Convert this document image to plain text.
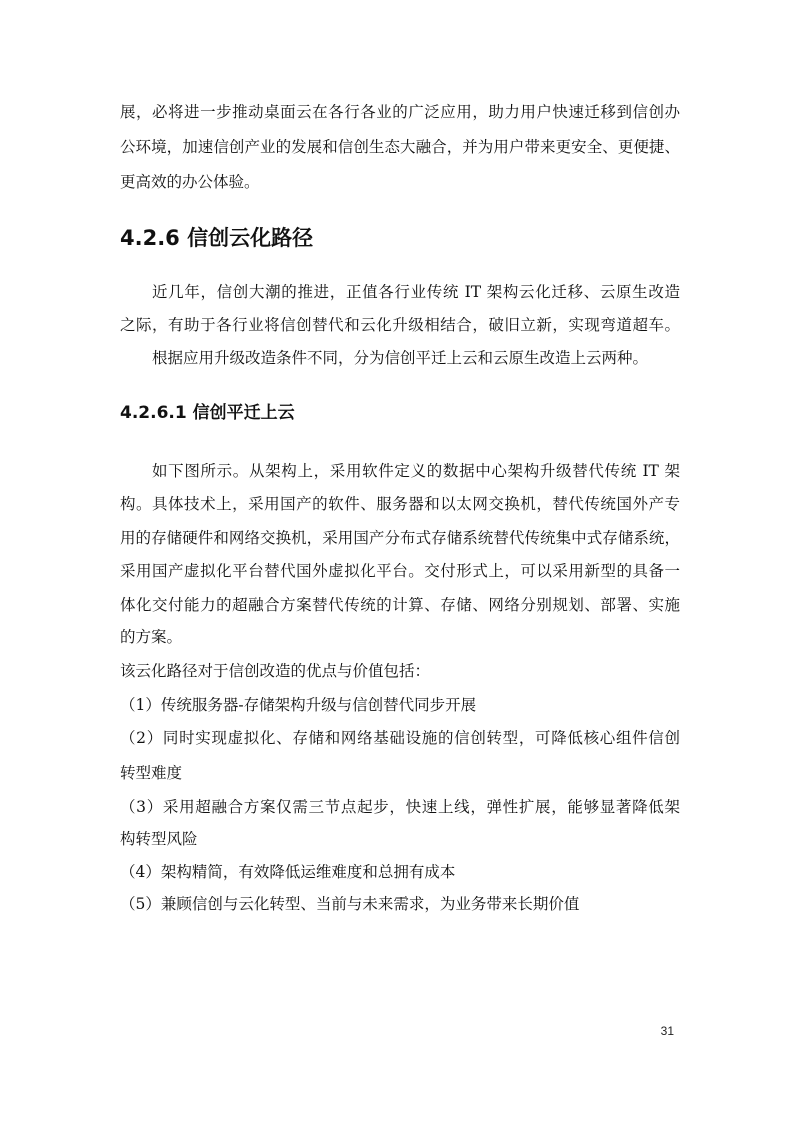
展，必将进一步推动桌面云在各行各业的广泛应用，助力用户快速迁移到信创办
公环境，加速信创产业的发展和信创生态大融合，并为用户带来更安全、更便捷、
更高效的办公体验。
4.2.6 信创云化路径
近几年，信创大潮的推进，正值各行业传统 IT 架构云化迁移、云原生改造
之际，有助于各行业将信创替代和云化升级相结合，破旧立新，实现弯道超车。
根据应用升级改造条件不同，分为信创平迁上云和云原生改造上云两种。
4.2.6.1 信创平迁上云
如下图所示。从架构上，采用软件定义的数据中心架构升级替代传统 IT 架
构。具体技术上，采用国产的软件、服务器和以太网交换机，替代传统国外产专
用的存储硬件和网络交换机，采用国产分布式存储系统替代传统集中式存储系统，
采用国产虚拟化平台替代国外虚拟化平台。交付形式上，可以采用新型的具备一
体化交付能力的超融合方案替代传统的计算、存储、网络分别规划、部署、实施
的方案。
该云化路径对于信创改造的优点与价值包括：
（1）传统服务器-存储架构升级与信创替代同步开展
（2）同时实现虚拟化、存储和网络基础设施的信创转型，可降低核心组件信创
转型难度
（3）采用超融合方案仅需三节点起步，快速上线，弹性扩展，能够显著降低架
构转型风险
（4）架构精简，有效降低运维难度和总拥有成本
（5）兼顾信创与云化转型、当前与未来需求，为业务带来长期价值
31
